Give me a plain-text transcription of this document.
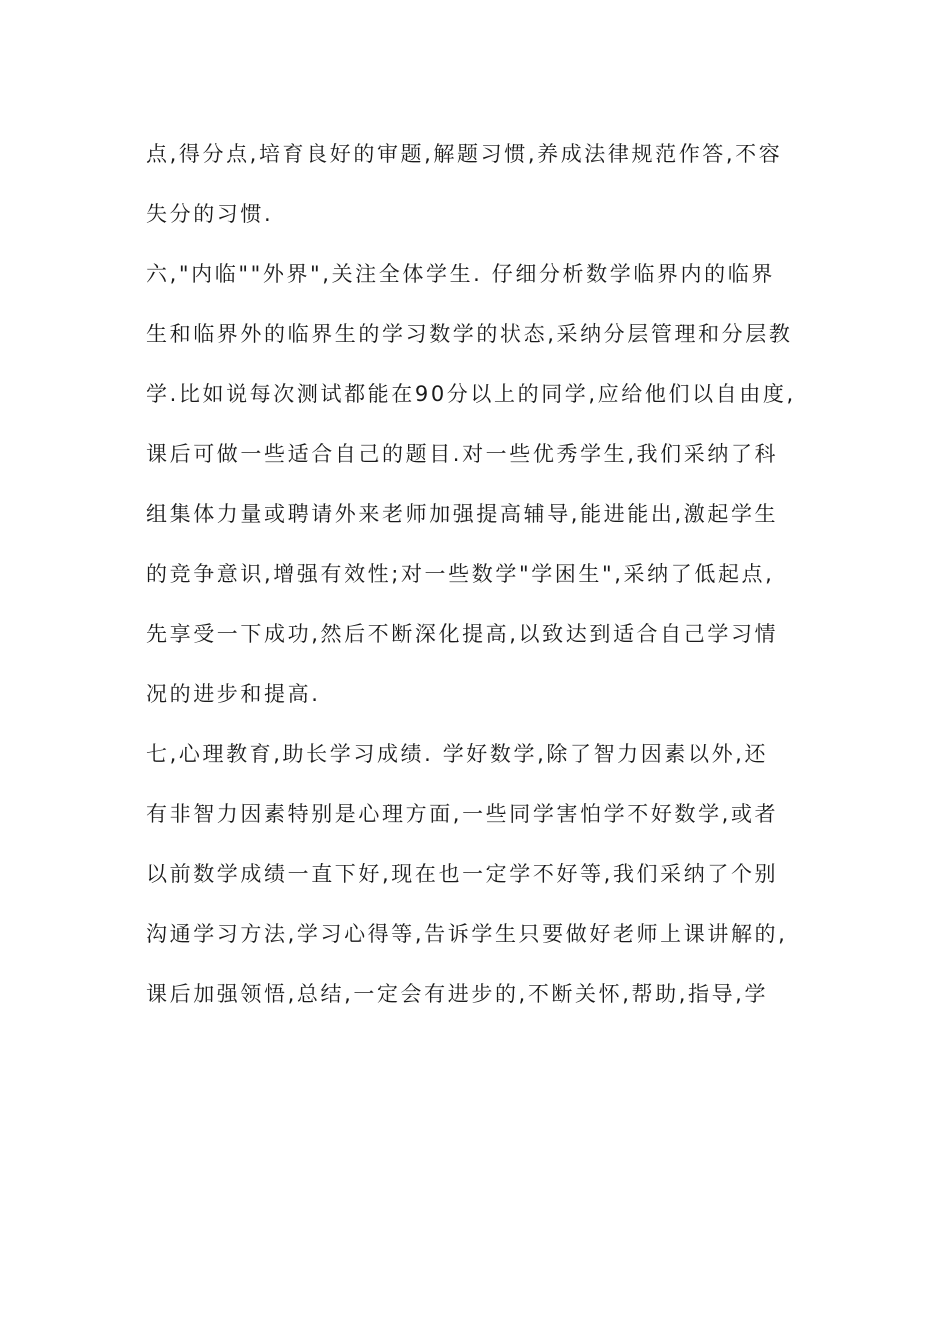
点,得分点,培育良好的审题,解题习惯,养成法律规范作答,不容
失分的习惯.
六,"内临""外界",关注全体学生. 仔细分析数学临界内的临界
生和临界外的临界生的学习数学的状态,采纳分层管理和分层教
学.比如说每次测试都能在90分以上的同学,应给他们以自由度,
课后可做一些适合自己的题目.对一些优秀学生,我们采纳了科
组集体力量或聘请外来老师加强提高辅导,能进能出,激起学生
的竞争意识,增强有效性;对一些数学"学困生",采纳了低起点,
先享受一下成功,然后不断深化提高,以致达到适合自己学习情
况的进步和提高.
七,心理教育,助长学习成绩. 学好数学,除了智力因素以外,还
有非智力因素特别是心理方面,一些同学害怕学不好数学,或者
以前数学成绩一直下好,现在也一定学不好等,我们采纳了个别
沟通学习方法,学习心得等,告诉学生只要做好老师上课讲解的,
课后加强领悟,总结,一定会有进步的,不断关怀,帮助,指导,学
